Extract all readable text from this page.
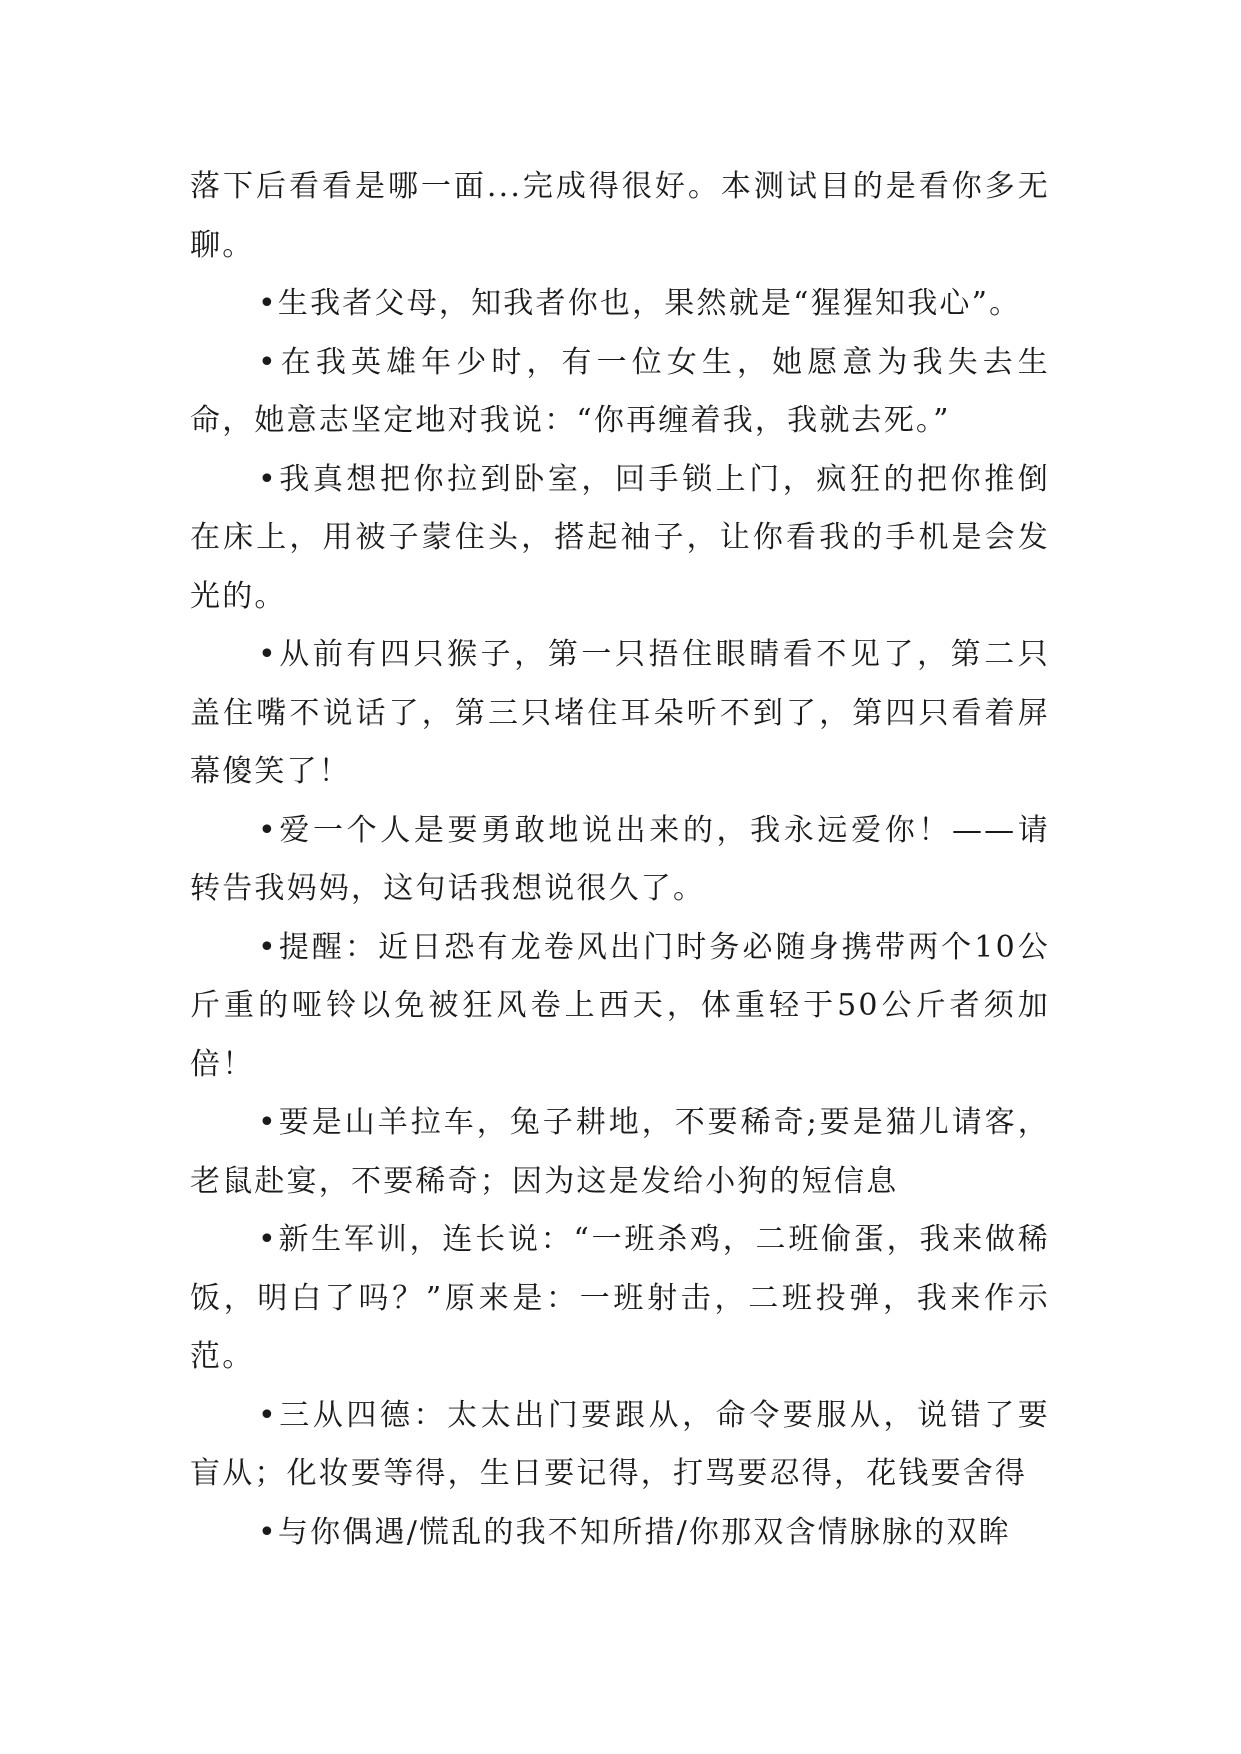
落下后看看是哪一面...完成得很好。本测试目的是看你多无聊。

•生我者父母，知我者你也，果然就是“猩猩知我心”。

•在我英雄年少时，有一位女生，她愿意为我失去生命，她意志坚定地对我说：“你再缠着我，我就去死。”

•我真想把你拉到卧室，回手锁上门，疯狂的把你推倒在床上，用被子蒙住头，搭起袖子，让你看我的手机是会发光的。

•从前有四只猴子，第一只捂住眼睛看不见了，第二只盖住嘴不说话了，第三只堵住耳朵听不到了，第四只看着屏幕傻笑了！

•爱一个人是要勇敢地说出来的，我永远爱你！——请转告我妈妈，这句话我想说很久了。

•提醒：近日恐有龙卷风出门时务必随身携带两个10公斤重的哑铃以免被狂风卷上西天，体重轻于50公斤者须加倍！

•要是山羊拉车，兔子耕地，不要稀奇;要是猫儿请客，老鼠赴宴，不要稀奇；因为这是发给小狗的短信息

•新生军训，连长说：“一班杀鸡，二班偷蛋，我来做稀饭，明白了吗？”原来是：一班射击，二班投弹，我来作示范。

•三从四德：太太出门要跟从，命令要服从，说错了要盲从；化妆要等得，生日要记得，打骂要忍得，花钱要舍得

•与你偶遇/慌乱的我不知所措/你那双含情脉脉的双眸
